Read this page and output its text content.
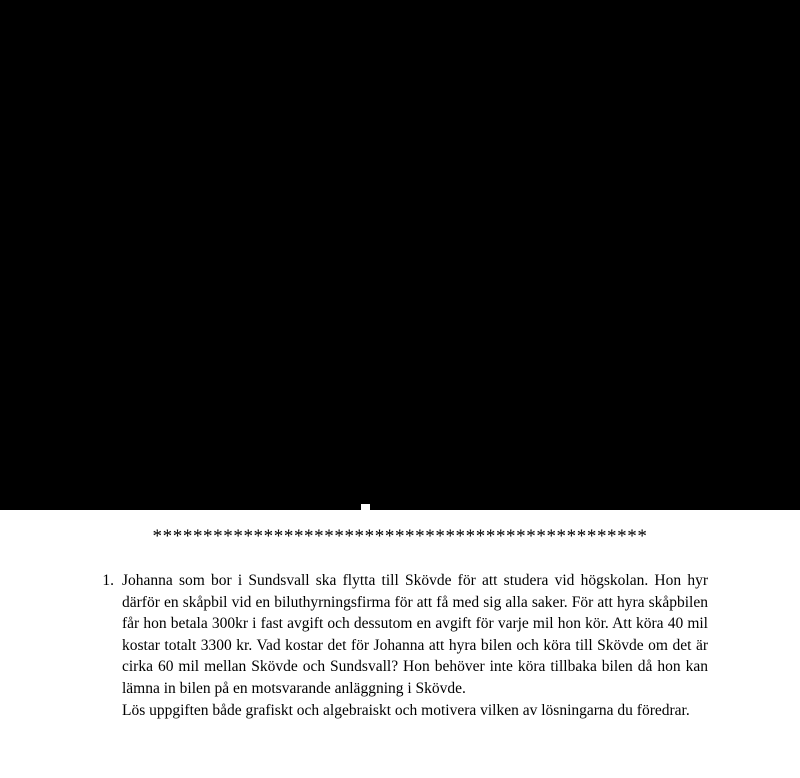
*************************************************
1. Johanna som bor i Sundsvall ska flytta till Skövde för att studera vid högskolan. Hon hyr därför en skåpbil vid en biluthyrningsfirma för att få med sig alla saker. För att hyra skåpbilen får hon betala 300kr i fast avgift och dessutom en avgift för varje mil hon kör. Att köra 40 mil kostar totalt 3300 kr. Vad kostar det för Johanna att hyra bilen och köra till Skövde om det är cirka 60 mil mellan Skövde och Sundsvall? Hon behöver inte köra tillbaka bilen då hon kan lämna in bilen på en motsvarande anläggning i Skövde.

Lös uppgiften både grafiskt och algebraiskt och motivera vilken av lösningarna du föredrar.
